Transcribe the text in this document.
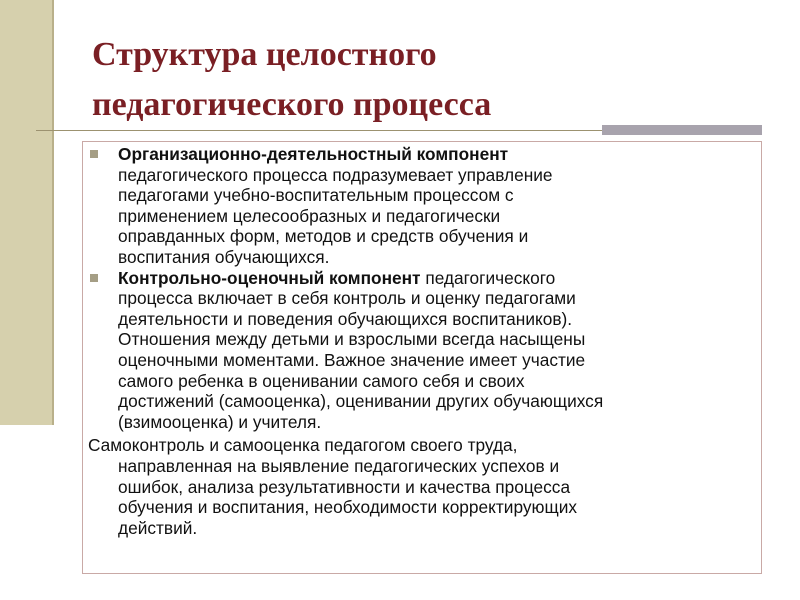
Структура целостного
педагогического процесса
Организационно-деятельностный компонент
педагогического процесса подразумевает управление
педагогами учебно-воспитательным процессом с
применением целесообразных и педагогически
оправданных форм, методов и средств обучения и
воспитания обучающихся.
Контрольно-оценочный компонент педагогического
процесса включает в себя контроль и оценку педагогами
деятельности и поведения обучающихся воспитаников).
Отношения между детьми и взрослыми всегда насыщены
оценочными моментами. Важное значение имеет участие
самого ребенка в оценивании самого себя и своих
достижений (самооценка), оценивании других обучающихся
(взимооценка) и учителя.
Самоконтроль и самооценка педагогом своего труда,
направленная на выявление педагогических успехов и
ошибок, анализа результативности и качества процесса
обучения и воспитания, необходимости корректирующих
действий.
